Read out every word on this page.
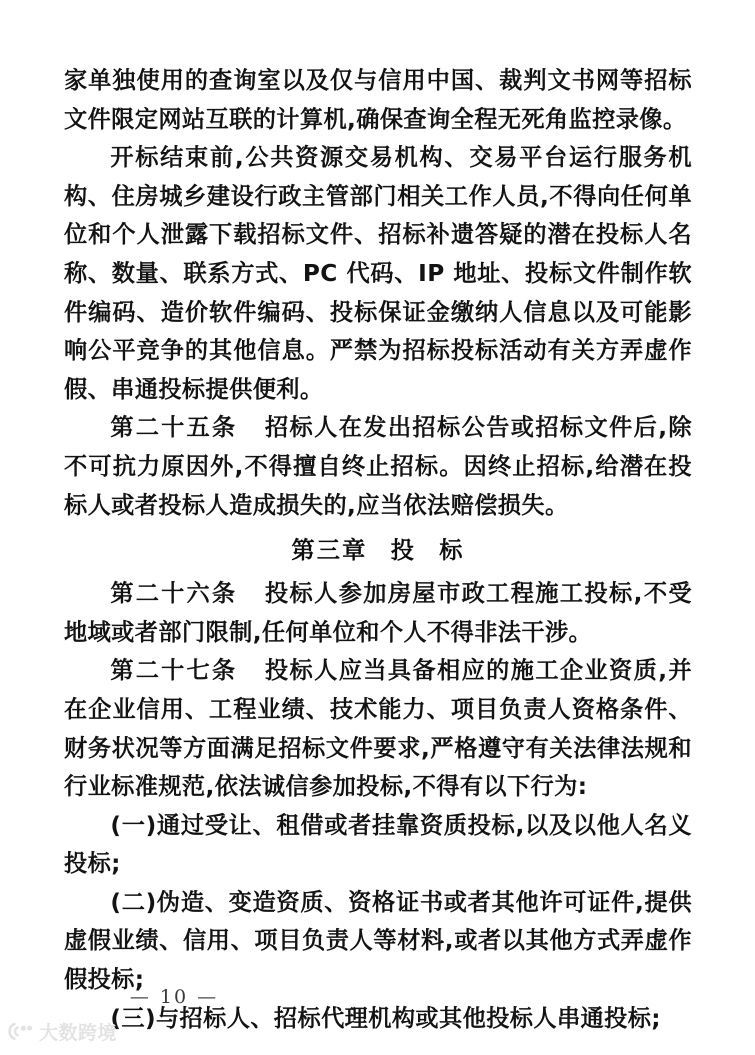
家单独使用的查询室以及仅与信用中国、裁判文书网等招标文件限定网站互联的计算机,确保查询全程无死角监控录像。

开标结束前,公共资源交易机构、交易平台运行服务机构、住房城乡建设行政主管部门相关工作人员,不得向任何单位和个人泄露下载招标文件、招标补遗答疑的潜在投标人名称、数量、联系方式、PC 代码、IP 地址、投标文件制作软件编码、造价软件编码、投标保证金缴纳人信息以及可能影响公平竞争的其他信息。严禁为招标投标活动有关方弄虚作假、串通投标提供便利。

第二十五条 招标人在发出招标公告或招标文件后,除不可抗力原因外,不得擅自终止招标。因终止招标,给潜在投标人或者投标人造成损失的,应当依法赔偿损失。

第三章 投 标

第二十六条 投标人参加房屋市政工程施工投标,不受地域或者部门限制,任何单位和个人不得非法干涉。

第二十七条 投标人应当具备相应的施工企业资质,并在企业信用、工程业绩、技术能力、项目负责人资格条件、财务状况等方面满足招标文件要求,严格遵守有关法律法规和行业标准规范,依法诚信参加投标,不得有以下行为:

(一)通过受让、租借或者挂靠资质投标,以及以他人名义投标;

(二)伪造、变造资质、资格证书或者其他许可证件,提供虚假业绩、信用、项目负责人等材料,或者以其他方式弄虚作假投标;

(三)与招标人、招标代理机构或其他投标人串通投标;

— 10 —
大数跨境
